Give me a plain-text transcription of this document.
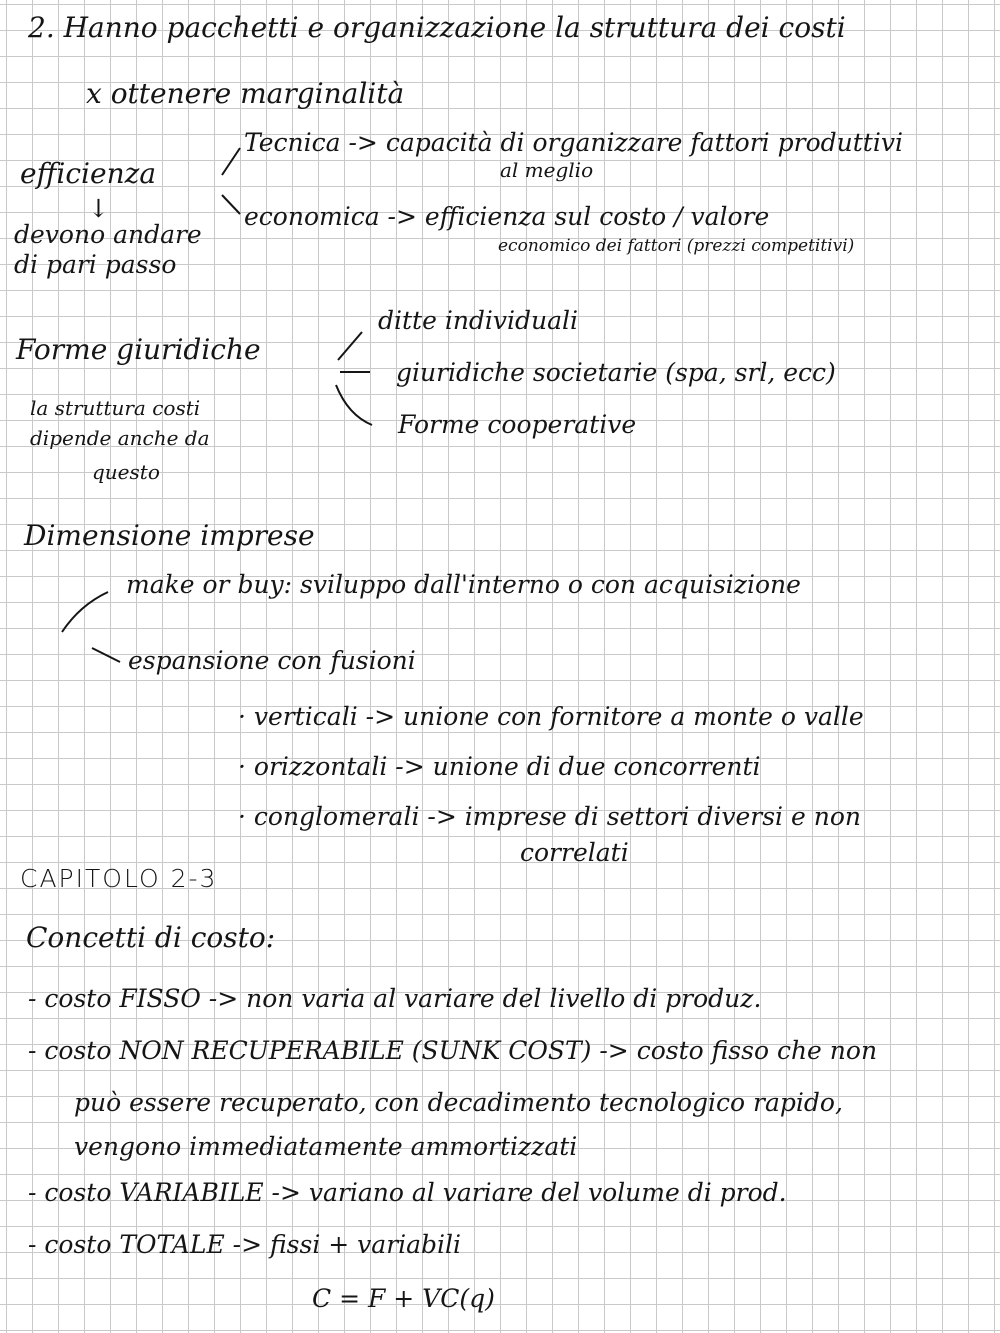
2. Hanno pacchetti e organizzazione la struttura dei costi
x ottenere marginalità
efficienza
↓
devono andare
di pari passo
Tecnica -> capacità di organizzare fattori produttivi
al meglio
economica -> efficienza sul costo / valore
economico dei fattori (prezzi competitivi)
Forme giuridiche
la struttura costi
dipende anche da
questo
ditte individuali
giuridiche societarie (spa, srl, ecc)
Forme cooperative
Dimensione imprese
make or buy: sviluppo dall'interno o con acquisizione
espansione con fusioni
· verticali -> unione con fornitore a monte o valle
· orizzontali -> unione di due concorrenti
· conglomerali -> imprese di settori diversi e non
correlati
CAPITOLO 2-3
Concetti di costo:
- costo FISSO -> non varia al variare del livello di produz.
- costo NON RECUPERABILE (SUNK COST) -> costo fisso che non
può essere recuperato, con decadimento tecnologico rapido,
vengono immediatamente ammortizzati
- costo VARIABILE -> variano al variare del volume di prod.
- costo TOTALE -> fissi + variabili
C = F + VC(q)
